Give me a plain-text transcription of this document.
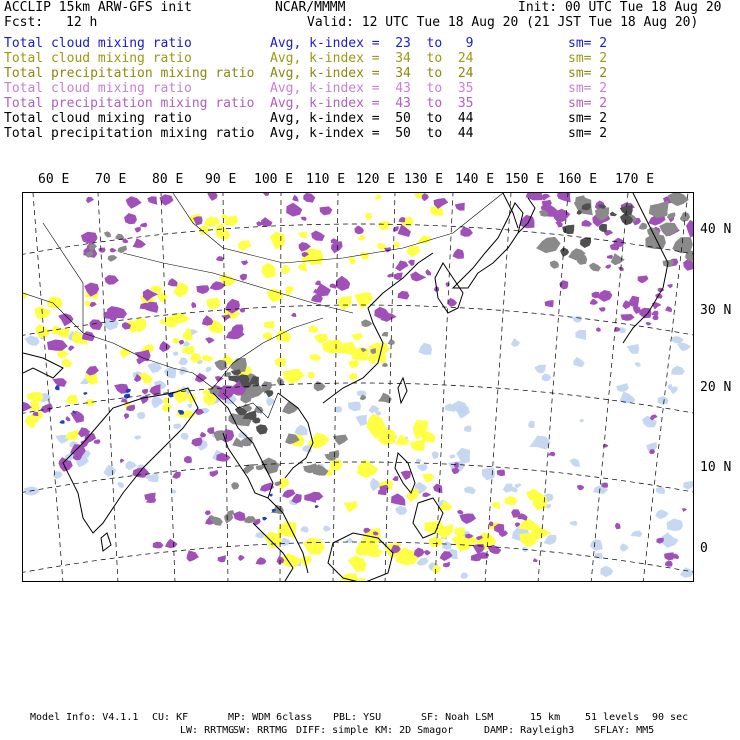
ACCLIP 15km ARW-GFS init	NCAR/MMMM	Init: 00 UTC Tue 18 Aug 20
Fcst: 12 h	Valid: 12 UTC Tue 18 Aug 20 (21 JST Tue 18 Aug 20)
Total cloud mixing ratio	Avg, k-index =  23  to   9	sm= 2
Total cloud mixing ratio	Avg, k-index =  34  to  24	sm= 2
Total precipitation mixing ratio Avg, k-index =  34  to  24	sm= 2
Total cloud mixing ratio	Avg, k-index =  43  to  35	sm= 2
Total precipitation mixing ratio Avg, k-index =  43  to  35	sm= 2
Total cloud mixing ratio	Avg, k-index =  50  to  44	sm= 2
Total precipitation mixing ratio Avg, k-index =  50  to  44	sm= 2
60 E 70 E 80 E 90 E 100 E 110 E 120 E 130 E 140 E 150 E 160 E 170 E
40 N
30 N
20 N
10 N
0
Model Info: V4.1.1 CU: KF	MP: WDM 6class PBL: YSU	SF: Noah LSM	15 km 51 levels 90 sec
LW: RRTMG
SW: RRTMG DIFF: simple KM: 2D Smagor	DAMP: Rayleigh3 SFLAY: MM5
